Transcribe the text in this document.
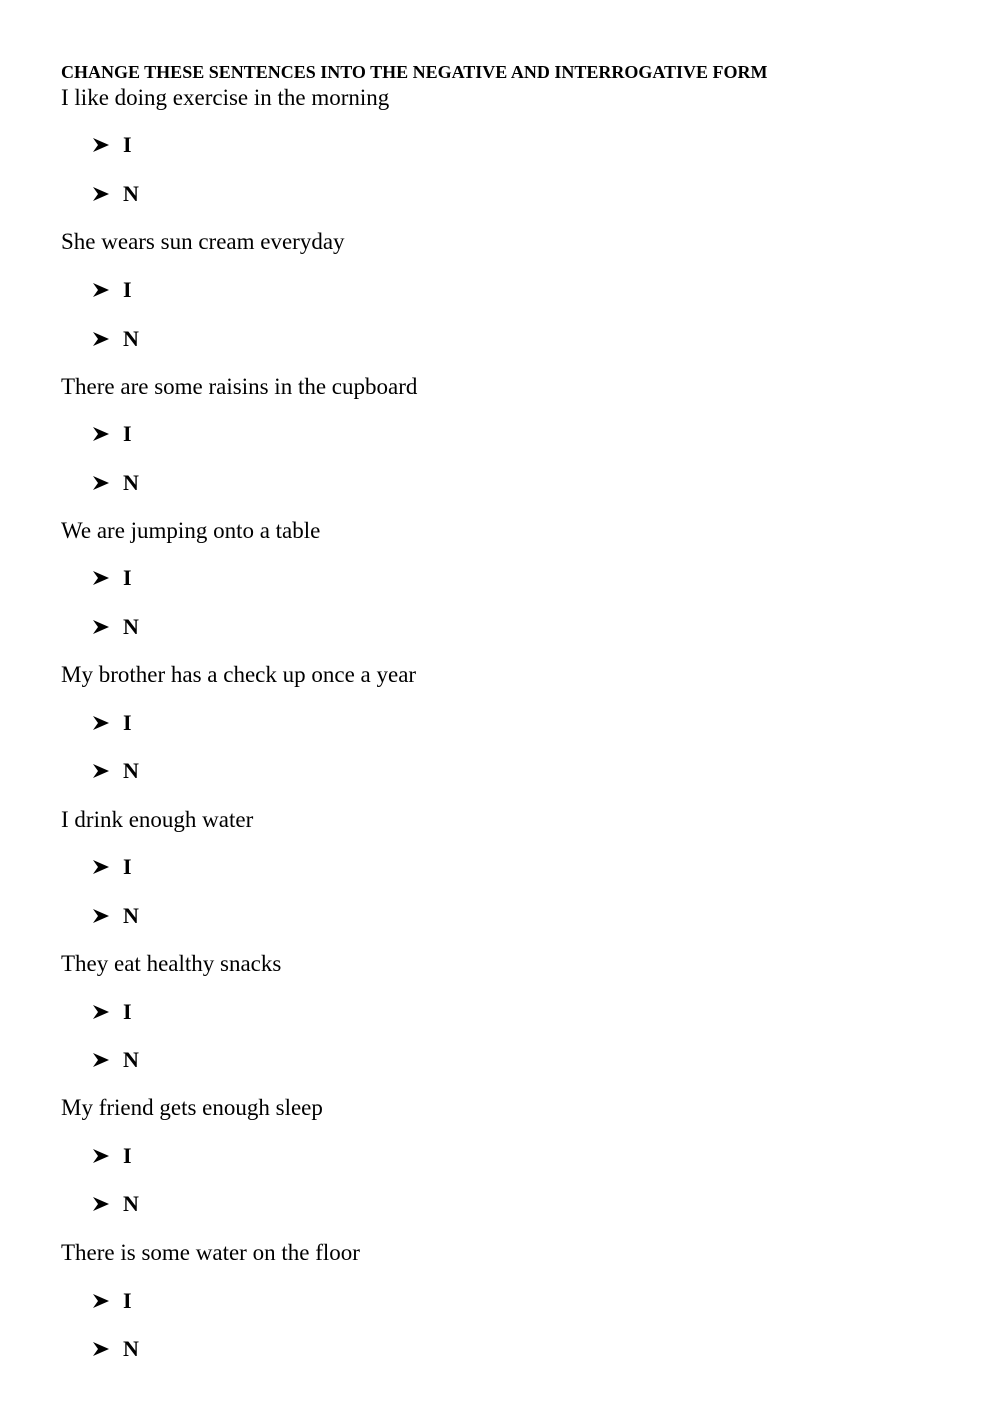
CHANGE THESE SENTENCES INTO THE NEGATIVE AND INTERROGATIVE FORM
I like doing exercise in the morning
I
N
She wears sun cream everyday
I
N
There are some raisins in the cupboard
I
N
We are jumping onto a table
I
N
My brother has a check up once a year
I
N
I drink enough water
I
N
They eat healthy snacks
I
N
My friend gets enough sleep
I
N
There is some water on the floor
I
N
